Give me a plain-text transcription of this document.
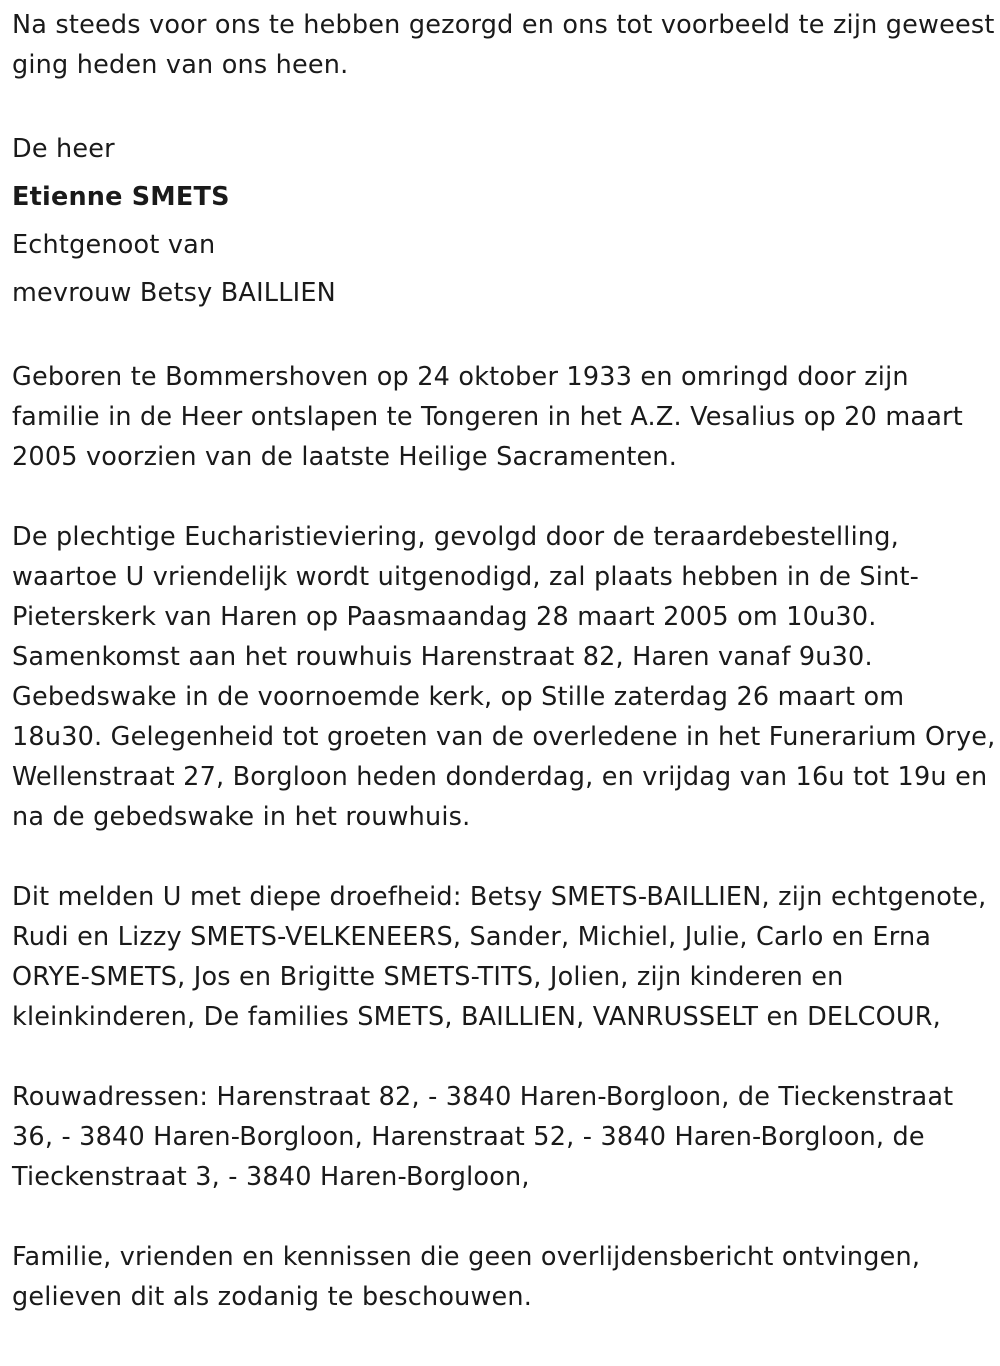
Na steeds voor ons te hebben gezorgd en ons tot voorbeeld te zijn geweest ging heden van ons heen.

De heer

Etienne SMETS

Echtgenoot van

mevrouw Betsy BAILLIEN

Geboren te Bommershoven op 24 oktober 1933 en omringd door zijn familie in de Heer ontslapen te Tongeren in het A.Z. Vesalius op 20 maart 2005 voorzien van de laatste Heilige Sacramenten.

De plechtige Eucharistieviering, gevolgd door de teraardebestelling, waartoe U vriendelijk wordt uitgenodigd, zal plaats hebben in de Sint-Pieterskerk van Haren op Paasmaandag 28 maart 2005 om 10u30. Samenkomst aan het rouwhuis Harenstraat 82, Haren vanaf 9u30. Gebedswake in de voornoemde kerk, op Stille zaterdag 26 maart om 18u30. Gelegenheid tot groeten van de overledene in het Funerarium Orye, Wellenstraat 27, Borgloon heden donderdag, en vrijdag van 16u tot 19u en na de gebedswake in het rouwhuis.

Dit melden U met diepe droefheid: Betsy SMETS-BAILLIEN, zijn echtgenote, Rudi en Lizzy SMETS-VELKENEERS, Sander, Michiel, Julie, Carlo en Erna ORYE-SMETS, Jos en Brigitte SMETS-TITS, Jolien, zijn kinderen en kleinkinderen, De families SMETS, BAILLIEN, VANRUSSELT en DELCOUR,

Rouwadressen: Harenstraat 82, - 3840 Haren-Borgloon, de Tieckenstraat 36, - 3840 Haren-Borgloon, Harenstraat 52, - 3840 Haren-Borgloon, de Tieckenstraat 3, - 3840 Haren-Borgloon,

Familie, vrienden en kennissen die geen overlijdensbericht ontvingen, gelieven dit als zodanig te beschouwen.
